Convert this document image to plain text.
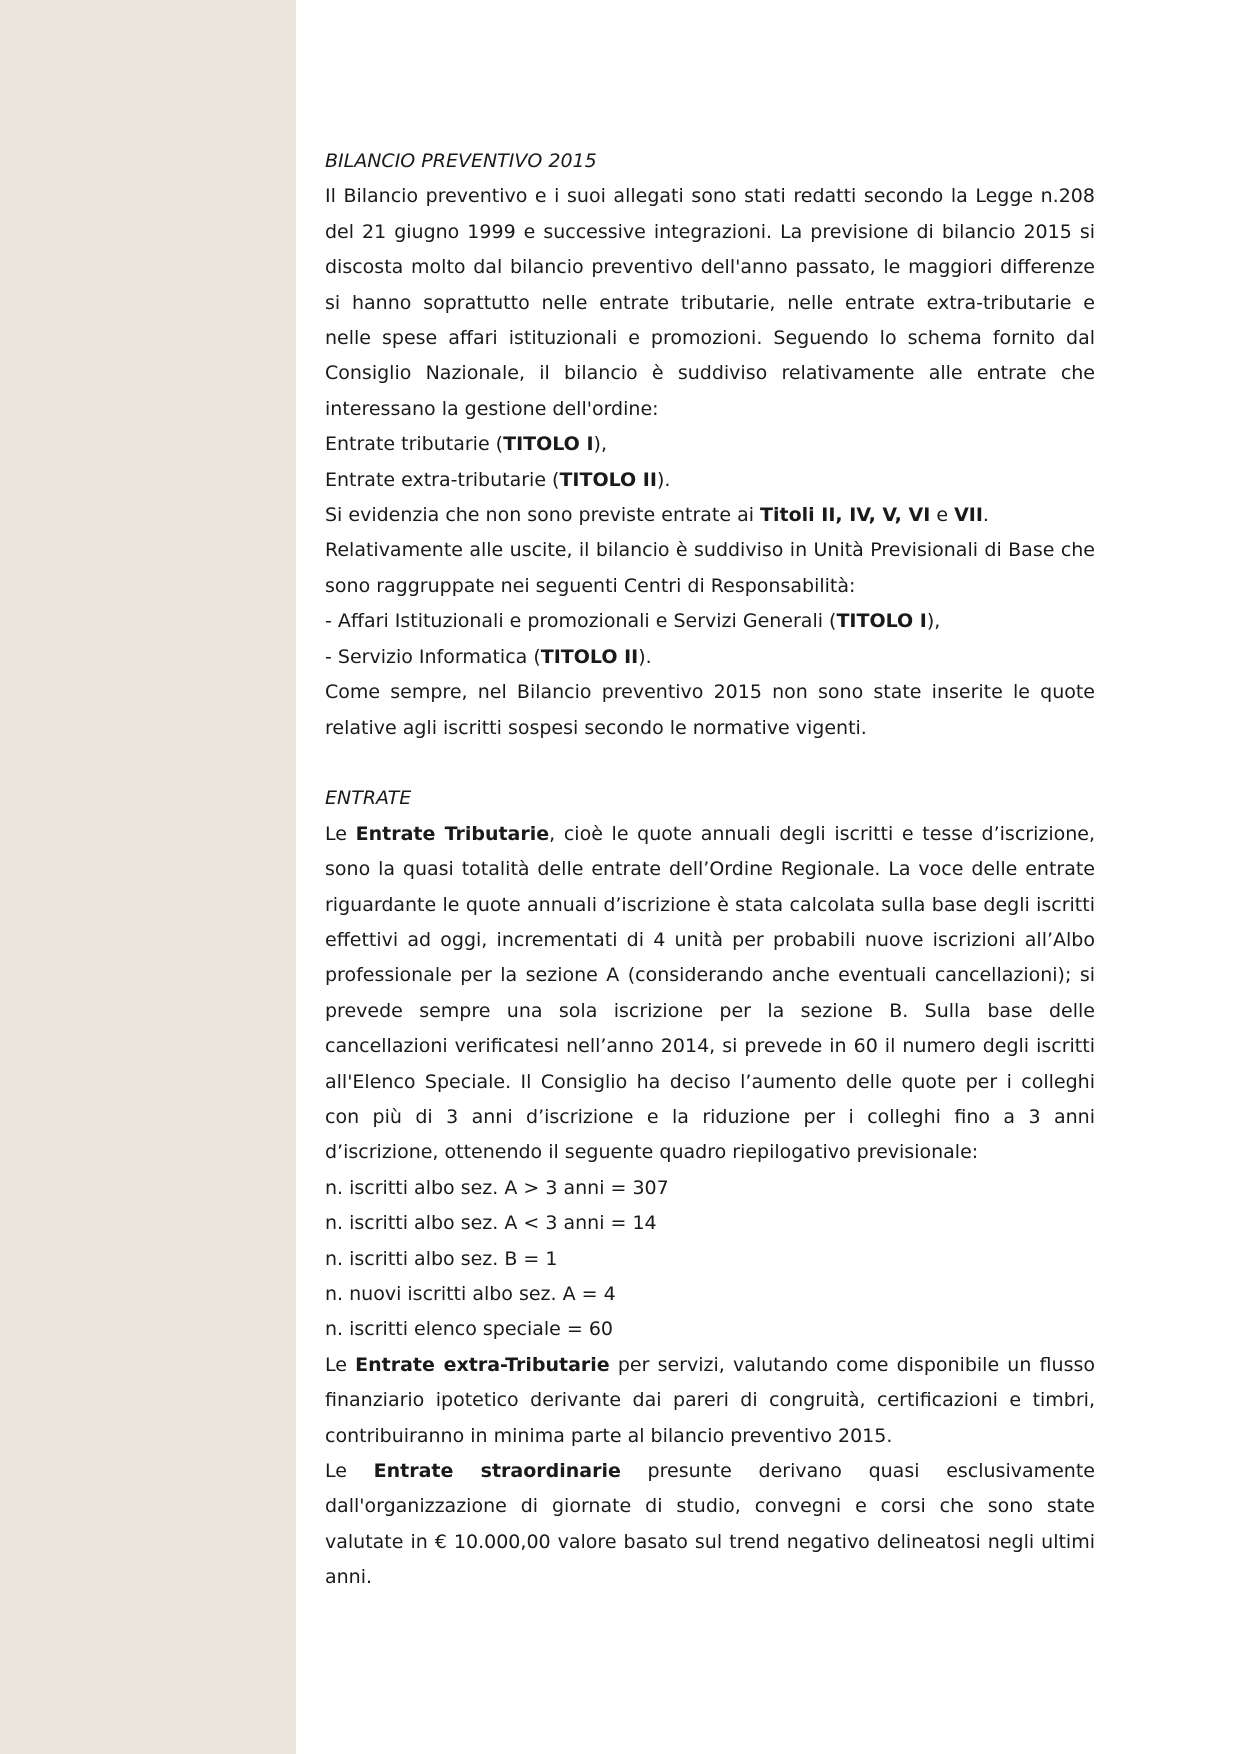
BILANCIO PREVENTIVO 2015

Il Bilancio preventivo e i suoi allegati sono stati redatti secondo la Legge n.208 del 21 giugno 1999 e successive integrazioni. La previsione di bilancio 2015 si discosta molto dal bilancio preventivo dell'anno passato, le maggiori differenze si hanno soprattutto nelle entrate tributarie, nelle entrate extra-tributarie e nelle spese affari istituzionali e promozioni. Seguendo lo schema fornito dal Consiglio Nazionale, il bilancio è suddiviso relativamente alle entrate che interessano la gestione dell'ordine:

Entrate tributarie (TITOLO I),

Entrate extra-tributarie (TITOLO II).

Si evidenzia che non sono previste entrate ai Titoli II, IV, V, VI e VII.

Relativamente alle uscite, il bilancio è suddiviso in Unità Previsionali di Base che sono raggruppate nei seguenti Centri di Responsabilità:

- Affari Istituzionali e promozionali e Servizi Generali (TITOLO I),

- Servizio Informatica (TITOLO II).

Come sempre, nel Bilancio preventivo 2015 non sono state inserite le quote relative agli iscritti sospesi secondo le normative vigenti.

ENTRATE

Le Entrate Tributarie, cioè le quote annuali degli iscritti e tesse d’iscrizione, sono la quasi totalità delle entrate dell’Ordine Regionale. La voce delle entrate riguardante le quote annuali d’iscrizione è stata calcolata sulla base degli iscritti effettivi ad oggi, incrementati di 4 unità per probabili nuove iscrizioni all’Albo professionale per la sezione A (considerando anche eventuali cancellazioni); si prevede sempre una sola iscrizione per la sezione B. Sulla base delle cancellazioni verificatesi nell’anno 2014, si prevede in 60 il numero degli iscritti all'Elenco Speciale. Il Consiglio ha deciso l’aumento delle quote per i colleghi con più di 3 anni d’iscrizione e la riduzione per i colleghi fino a 3 anni d’iscrizione, ottenendo il seguente quadro riepilogativo previsionale:

n. iscritti albo sez. A > 3 anni = 307

n. iscritti albo sez. A < 3 anni = 14

n. iscritti albo sez. B = 1

n. nuovi iscritti albo sez. A = 4

n. iscritti elenco speciale = 60

Le Entrate extra-Tributarie per servizi, valutando come disponibile un flusso finanziario ipotetico derivante dai pareri di congruità, certificazioni e timbri, contribuiranno in minima parte al bilancio preventivo 2015.

Le Entrate straordinarie presunte derivano quasi esclusivamente dall'organizzazione di giornate di studio, convegni e corsi che sono state valutate in € 10.000,00 valore basato sul trend negativo delineatosi negli ultimi anni.
